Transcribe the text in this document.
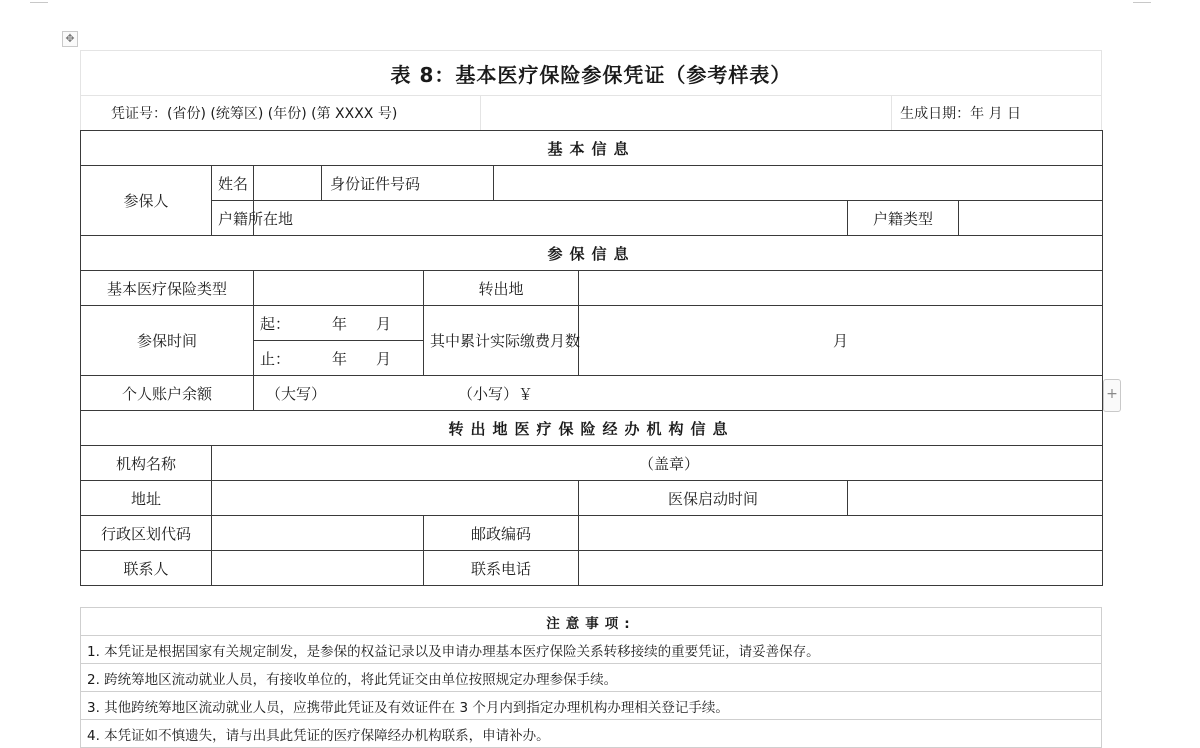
✥
+
表 8：基本医疗保险参保凭证（参考样表）
凭证号：(省份) (统筹区) (年份) (第 XXXX 号)		生成日期：年 月 日
基本信息								
参保人	姓名		身份证件号码					
	户籍所在地						户籍类型	
参保信息								
基本医疗保险类型				转出地				
参保时间		起： 年 月		其中累计实际缴费月数		月		
		止： 年 月						
个人账户余额		（大写） （小写）￥						
转出地医疗保险经办机构信息								
机构名称	（盖章）							
地址						医保启动时间		
行政区划代码				邮政编码				
联系人				联系电话				
注意事项:
1. 本凭证是根据国家有关规定制发，是参保的权益记录以及申请办理基本医疗保险关系转移接续的重要凭证，请妥善保存。
2. 跨统筹地区流动就业人员，有接收单位的，将此凭证交由单位按照规定办理参保手续。
3. 其他跨统筹地区流动就业人员，应携带此凭证及有效证件在 3 个月内到指定办理机构办理相关登记手续。
4. 本凭证如不慎遗失，请与出具此凭证的医疗保障经办机构联系，申请补办。
